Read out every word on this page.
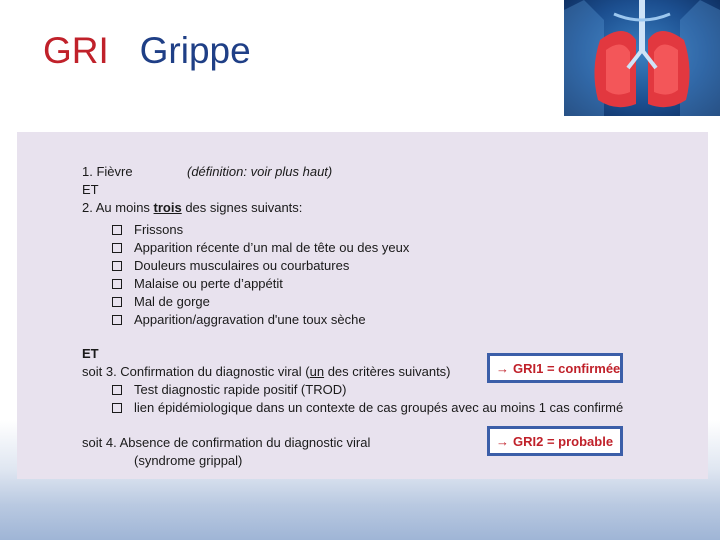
GRI Grippe
1. Fièvre	(définition: voir plus haut)
ET
2. Au moins trois des signes suivants:
Frissons
Apparition récente d’un mal de tête ou des yeux
Douleurs musculaires ou courbatures
Malaise ou perte d’appétit
Mal de gorge
Apparition/aggravation d'une toux sèche
ET
soit 3. Confirmation du diagnostic viral (un des critères suivants)
Test diagnostic rapide positif (TROD)
lien épidémiologique dans un contexte de cas groupés avec au moins 1 cas confirmé
soit 4. Absence de confirmation du diagnostic viral
(syndrome grippal)
→ GRI1 = confirmée
→ GRI2 = probable
